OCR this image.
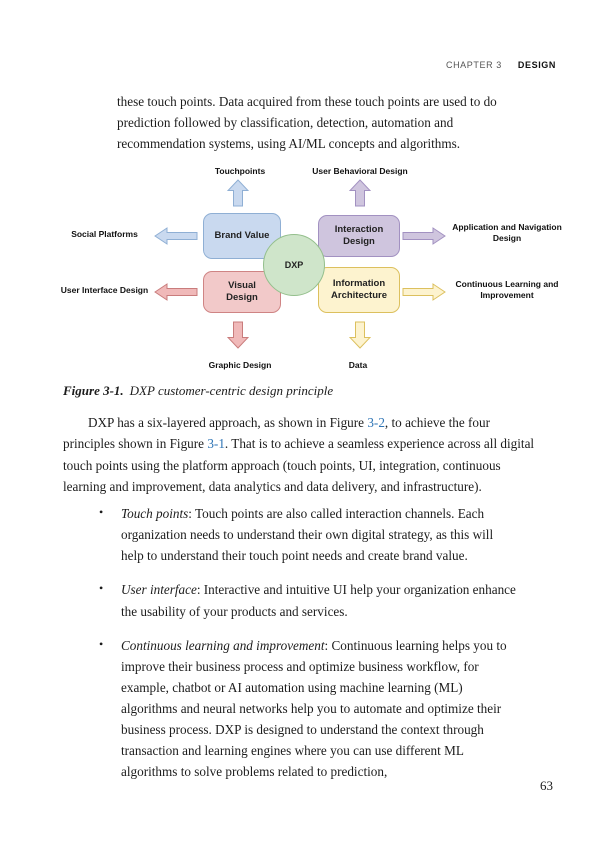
CHAPTER 3 DESIGN

these touch points. Data acquired from these touch points are used to do prediction followed by classification, detection, automation and recommendation systems, using AI/ML concepts and algorithms.

Touchpoints	User Behavioral Design
Brand Value
Interaction Design
DXP
Social Platforms
Application and Navigation Design
Visual Design
Information Architecture
User Interface Design
Continuous Learning and Improvement
Graphic Design	Data

Figure 3-1. DXP customer-centric design principle

DXP has a six-layered approach, as shown in Figure 3-2, to achieve the four principles shown in Figure 3-1. That is to achieve a seamless experience across all digital touch points using the platform approach (touch points, UI, integration, continuous learning and improvement, data analytics and data delivery, and infrastructure).

•	Touch points: Touch points are also called interaction channels. Each organization needs to understand their own digital strategy, as this will help to understand their touch point needs and create brand value.

•	User interface: Interactive and intuitive UI help your organization enhance the usability of your products and services.

•	Continuous learning and improvement: Continuous learning helps you to improve their business process and optimize business workflow, for example, chatbot or AI automation using machine learning (ML) algorithms and neural networks help you to automate and optimize their business process. DXP is designed to understand the context through transaction and learning engines where you can use different ML algorithms to solve problems related to prediction,

63
